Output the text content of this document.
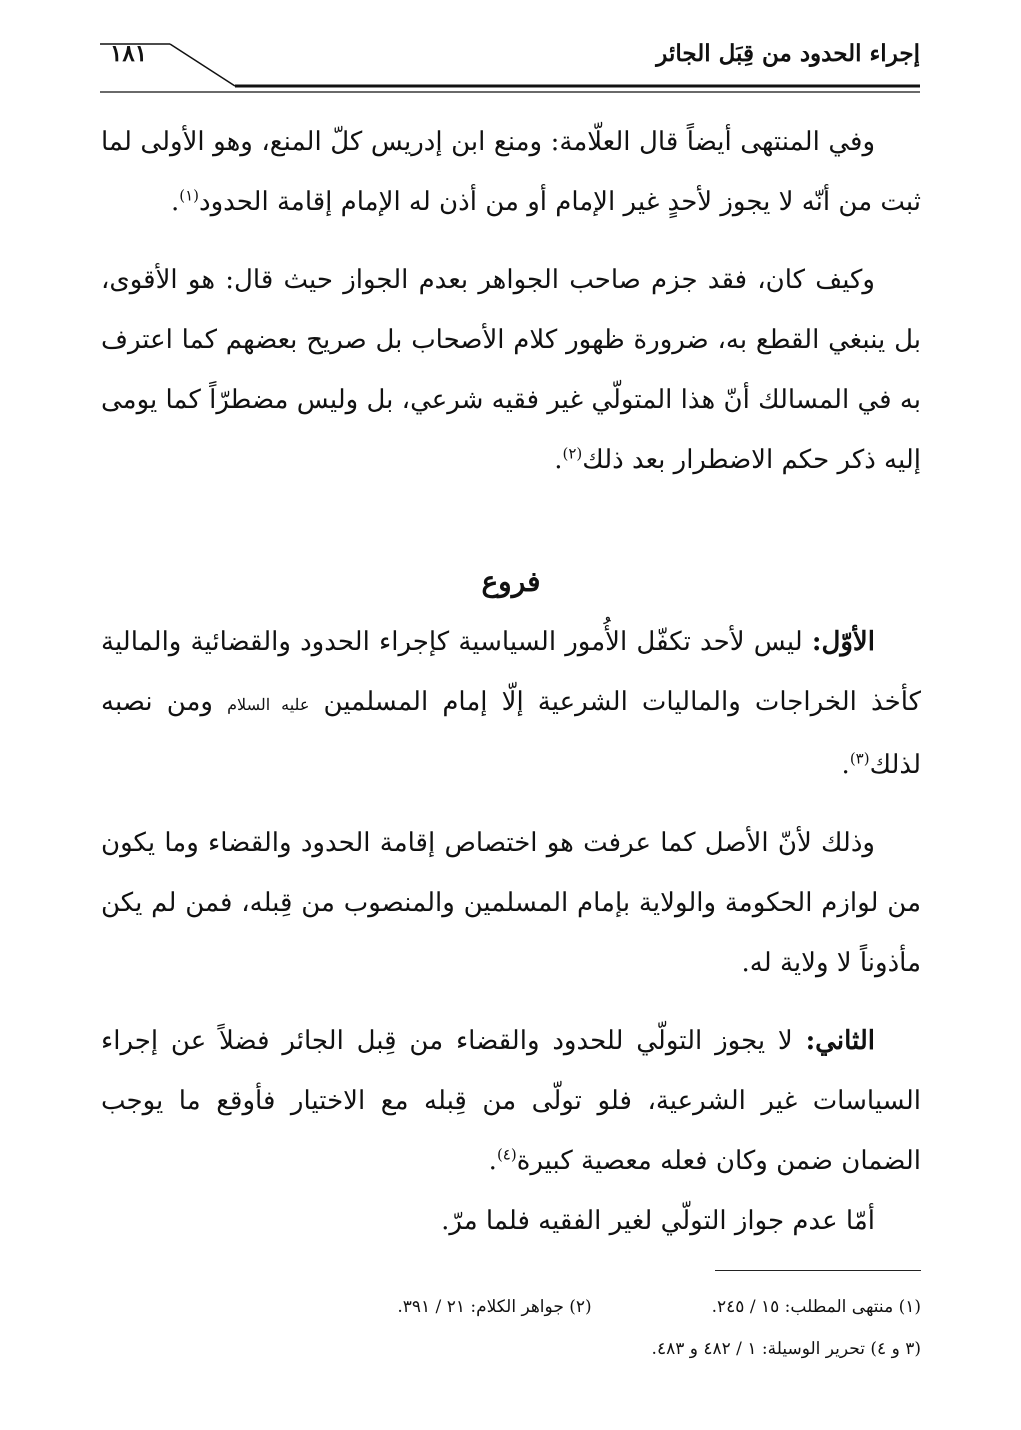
إجراء الحدود من قِبَل الجائر
١٨١

وفي المنتهى أيضاً قال العلّامة: ومنع ابن إدريس كلّ المنع، وهو الأولى لما ثبت من أنّه لا يجوز لأحدٍ غير الإمام أو من أذن له الإمام إقامة الحدود$^{(١)}$.

وكيف كان، فقد جزم صاحب الجواهر بعدم الجواز حيث قال: هو الأقوى، بل ينبغي القطع به، ضرورة ظهور كلام الأصحاب بل صريح بعضهم كما اعترف به في المسالك أنّ هذا المتولّي غير فقيه شرعي، بل وليس مضطرّاً كما يومى إليه ذكر حكم الاضطرار بعد ذلك$^{(٢)}$.

فروع

الأوّل: ليس لأحد تكفّل الأُمور السياسية كإجراء الحدود والقضائية والمالية كأخذ الخراجات والماليات الشرعية إلّا إمام المسلمين عليه السلام ومن نصبه لذلك$^{(٣)}$.

وذلك لأنّ الأصل كما عرفت هو اختصاص إقامة الحدود والقضاء وما يكون من لوازم الحكومة والولاية بإمام المسلمين والمنصوب من قِبله، فمن لم يكن مأذوناً لا ولاية له.

الثاني: لا يجوز التولّي للحدود والقضاء من قِبل الجائر فضلاً عن إجراء السياسات غير الشرعية، فلو تولّى من قِبله مع الاختيار فأوقع ما يوجب الضمان ضمن وكان فعله معصية كبيرة$^{(٤)}$.

أمّا عدم جواز التولّي لغير الفقيه فلما مرّ.

(١) منتهى المطلب: ١٥ / ٢٤٥.
(٢) جواهر الكلام: ٢١ / ٣٩١.
(٣ و ٤) تحرير الوسيلة: ١ / ٤٨٢ و ٤٨٣.
